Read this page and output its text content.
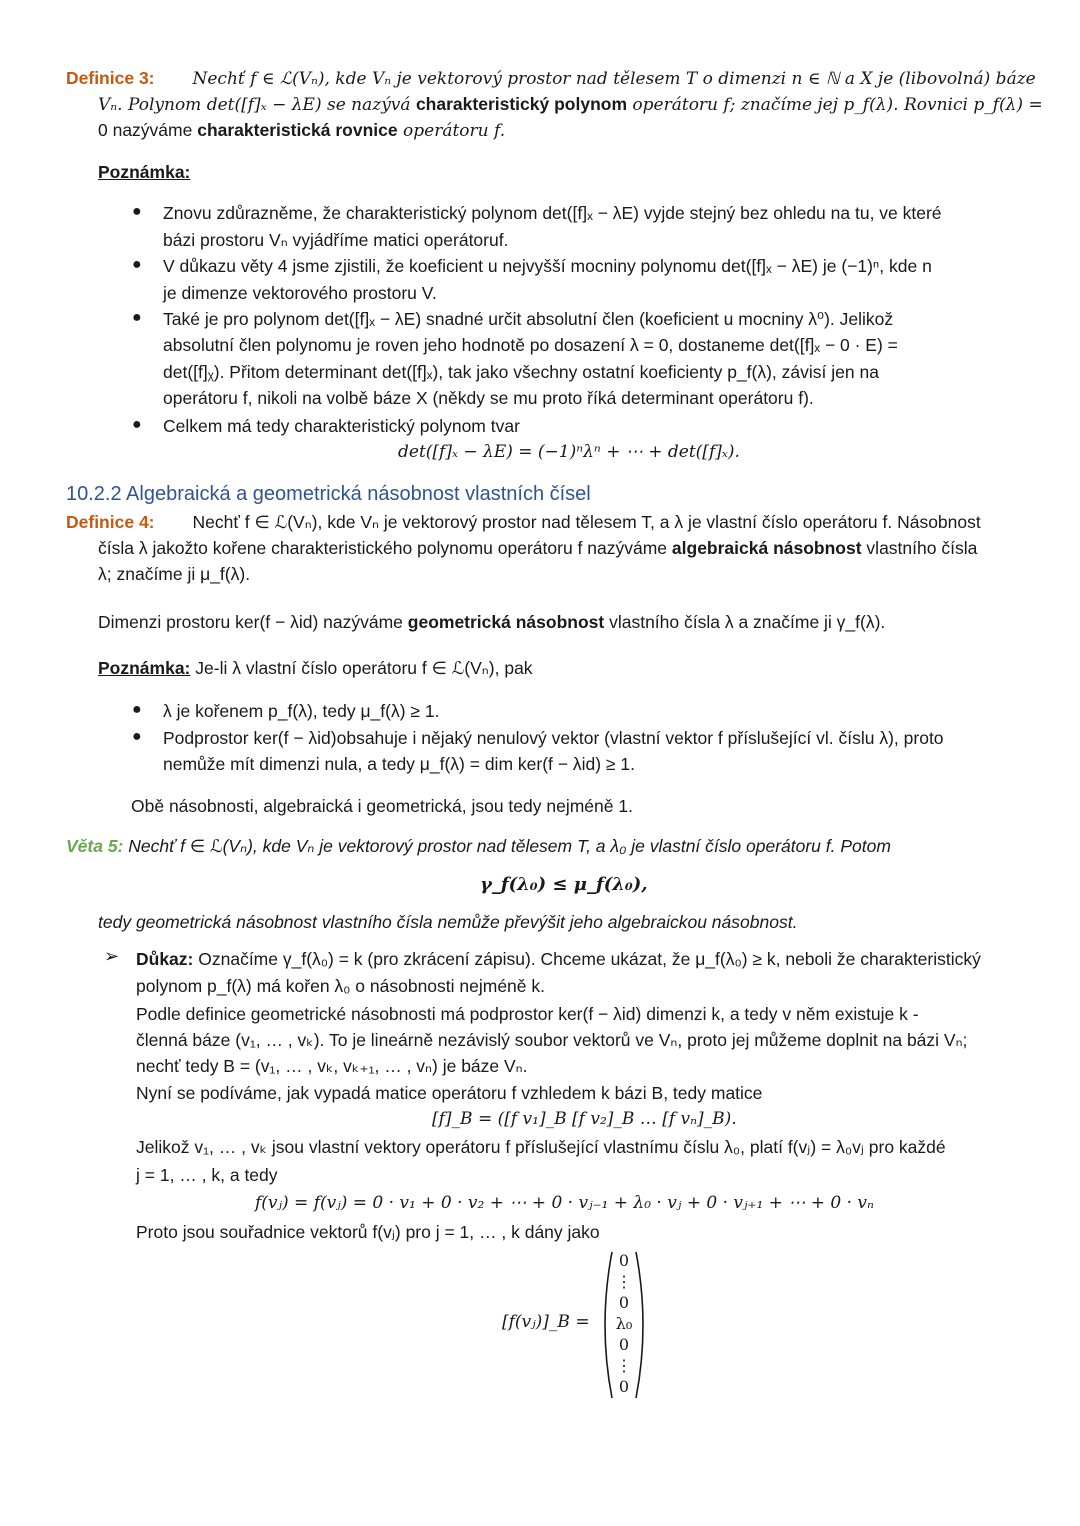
Definice 3: Nechť f ∈ ℒ(Vₙ), kde Vₙ je vektorový prostor nad tělesem T o dimenzi n ∈ ℕ a X je (libovolná) báze
Vₙ. Polynom det([f]ₓ − λE) se nazývá charakteristický polynom operátoru f; značíme jej p_f(λ). Rovnici p_f(λ) =
0 nazýváme charakteristická rovnice operátoru f.
Poznámka:
● Znovu zdůrazněme, že charakteristický polynom det([f]ₓ − λE) vyjde stejný bez ohledu na tu, ve které
bázi prostoru Vₙ vyjádříme matici operátoruf.
● V důkazu věty 4 jsme zjistili, že koeficient u nejvyšší mocniny polynomu det([f]ₓ − λE) je (−1)ⁿ, kde n
je dimenze vektorového prostoru V.
● Také je pro polynom det([f]ₓ − λE) snadné určit absolutní člen (koeficient u mocniny λ⁰). Jelikož
absolutní člen polynomu je roven jeho hodnotě po dosazení λ = 0, dostaneme det([f]ₓ − 0 · E) =
det([f]ᵪ). Přitom determinant det([f]ₓ), tak jako všechny ostatní koeficienty p_f(λ), závisí jen na
operátoru f, nikoli na volbě báze X (někdy se mu proto říká determinant operátoru f).
● Celkem má tedy charakteristický polynom tvar
det([f]ₓ − λE) = (−1)ⁿλⁿ + ⋯ + det([f]ₓ).
10.2.2 Algebraická a geometrická násobnost vlastních čísel
Definice 4: Nechť f ∈ ℒ(Vₙ), kde Vₙ je vektorový prostor nad tělesem T, a λ je vlastní číslo operátoru f. Násobnost
čísla λ jakožto kořene charakteristického polynomu operátoru f nazýváme algebraická násobnost vlastního čísla
λ; značíme ji μ_f(λ).
Dimenzi prostoru ker(f − λid) nazýváme geometrická násobnost vlastního čísla λ a značíme ji γ_f(λ).
Poznámka: Je-li λ vlastní číslo operátoru f ∈ ℒ(Vₙ), pak
● λ je kořenem p_f(λ), tedy μ_f(λ) ≥ 1.
● Podprostor ker(f − λid)obsahuje i nějaký nenulový vektor (vlastní vektor f příslušející vl. číslu λ), proto
nemůže mít dimenzi nula, a tedy μ_f(λ) = dim ker(f − λid) ≥ 1.
Obě násobnosti, algebraická i geometrická, jsou tedy nejméně 1.
Věta 5: Nechť f ∈ ℒ(Vₙ), kde Vₙ je vektorový prostor nad tělesem T, a λ₀ je vlastní číslo operátoru f. Potom
γ_f(λ₀) ≤ μ_f(λ₀),
tedy geometrická násobnost vlastního čísla nemůže převýšit jeho algebraickou násobnost.
➢ Důkaz: Označíme γ_f(λ₀) = k (pro zkrácení zápisu). Chceme ukázat, že μ_f(λ₀) ≥ k, neboli že charakteristický
polynom p_f(λ) má kořen λ₀ o násobnosti nejméně k.
Podle definice geometrické násobnosti má podprostor ker(f − λid) dimenzi k, a tedy v něm existuje k -
členná báze (v₁, … , vₖ). To je lineárně nezávislý soubor vektorů ve Vₙ, proto jej můžeme doplnit na bázi Vₙ;
nechť tedy B = (v₁, … , vₖ, vₖ₊₁, … , vₙ) je báze Vₙ.
Nyní se podíváme, jak vypadá matice operátoru f vzhledem k bázi B, tedy matice
[f]_B = ([f v₁]_B [f v₂]_B … [f vₙ]_B).
Jelikož v₁, … , vₖ jsou vlastní vektory operátoru f příslušející vlastnímu číslu λ₀, platí f(vⱼ) = λ₀vⱼ pro každé
j = 1, … , k, a tedy
f(vⱼ) = f(vⱼ) = 0 · v₁ + 0 · v₂ + ⋯ + 0 · vⱼ₋₁ + λ₀ · vⱼ + 0 · vⱼ₊₁ + ⋯ + 0 · vₙ
Proto jsou souřadnice vektorů f(vⱼ) pro j = 1, … , k dány jako
[f(vⱼ)]_B =
0
⋮
0
λ₀
0
⋮
0
